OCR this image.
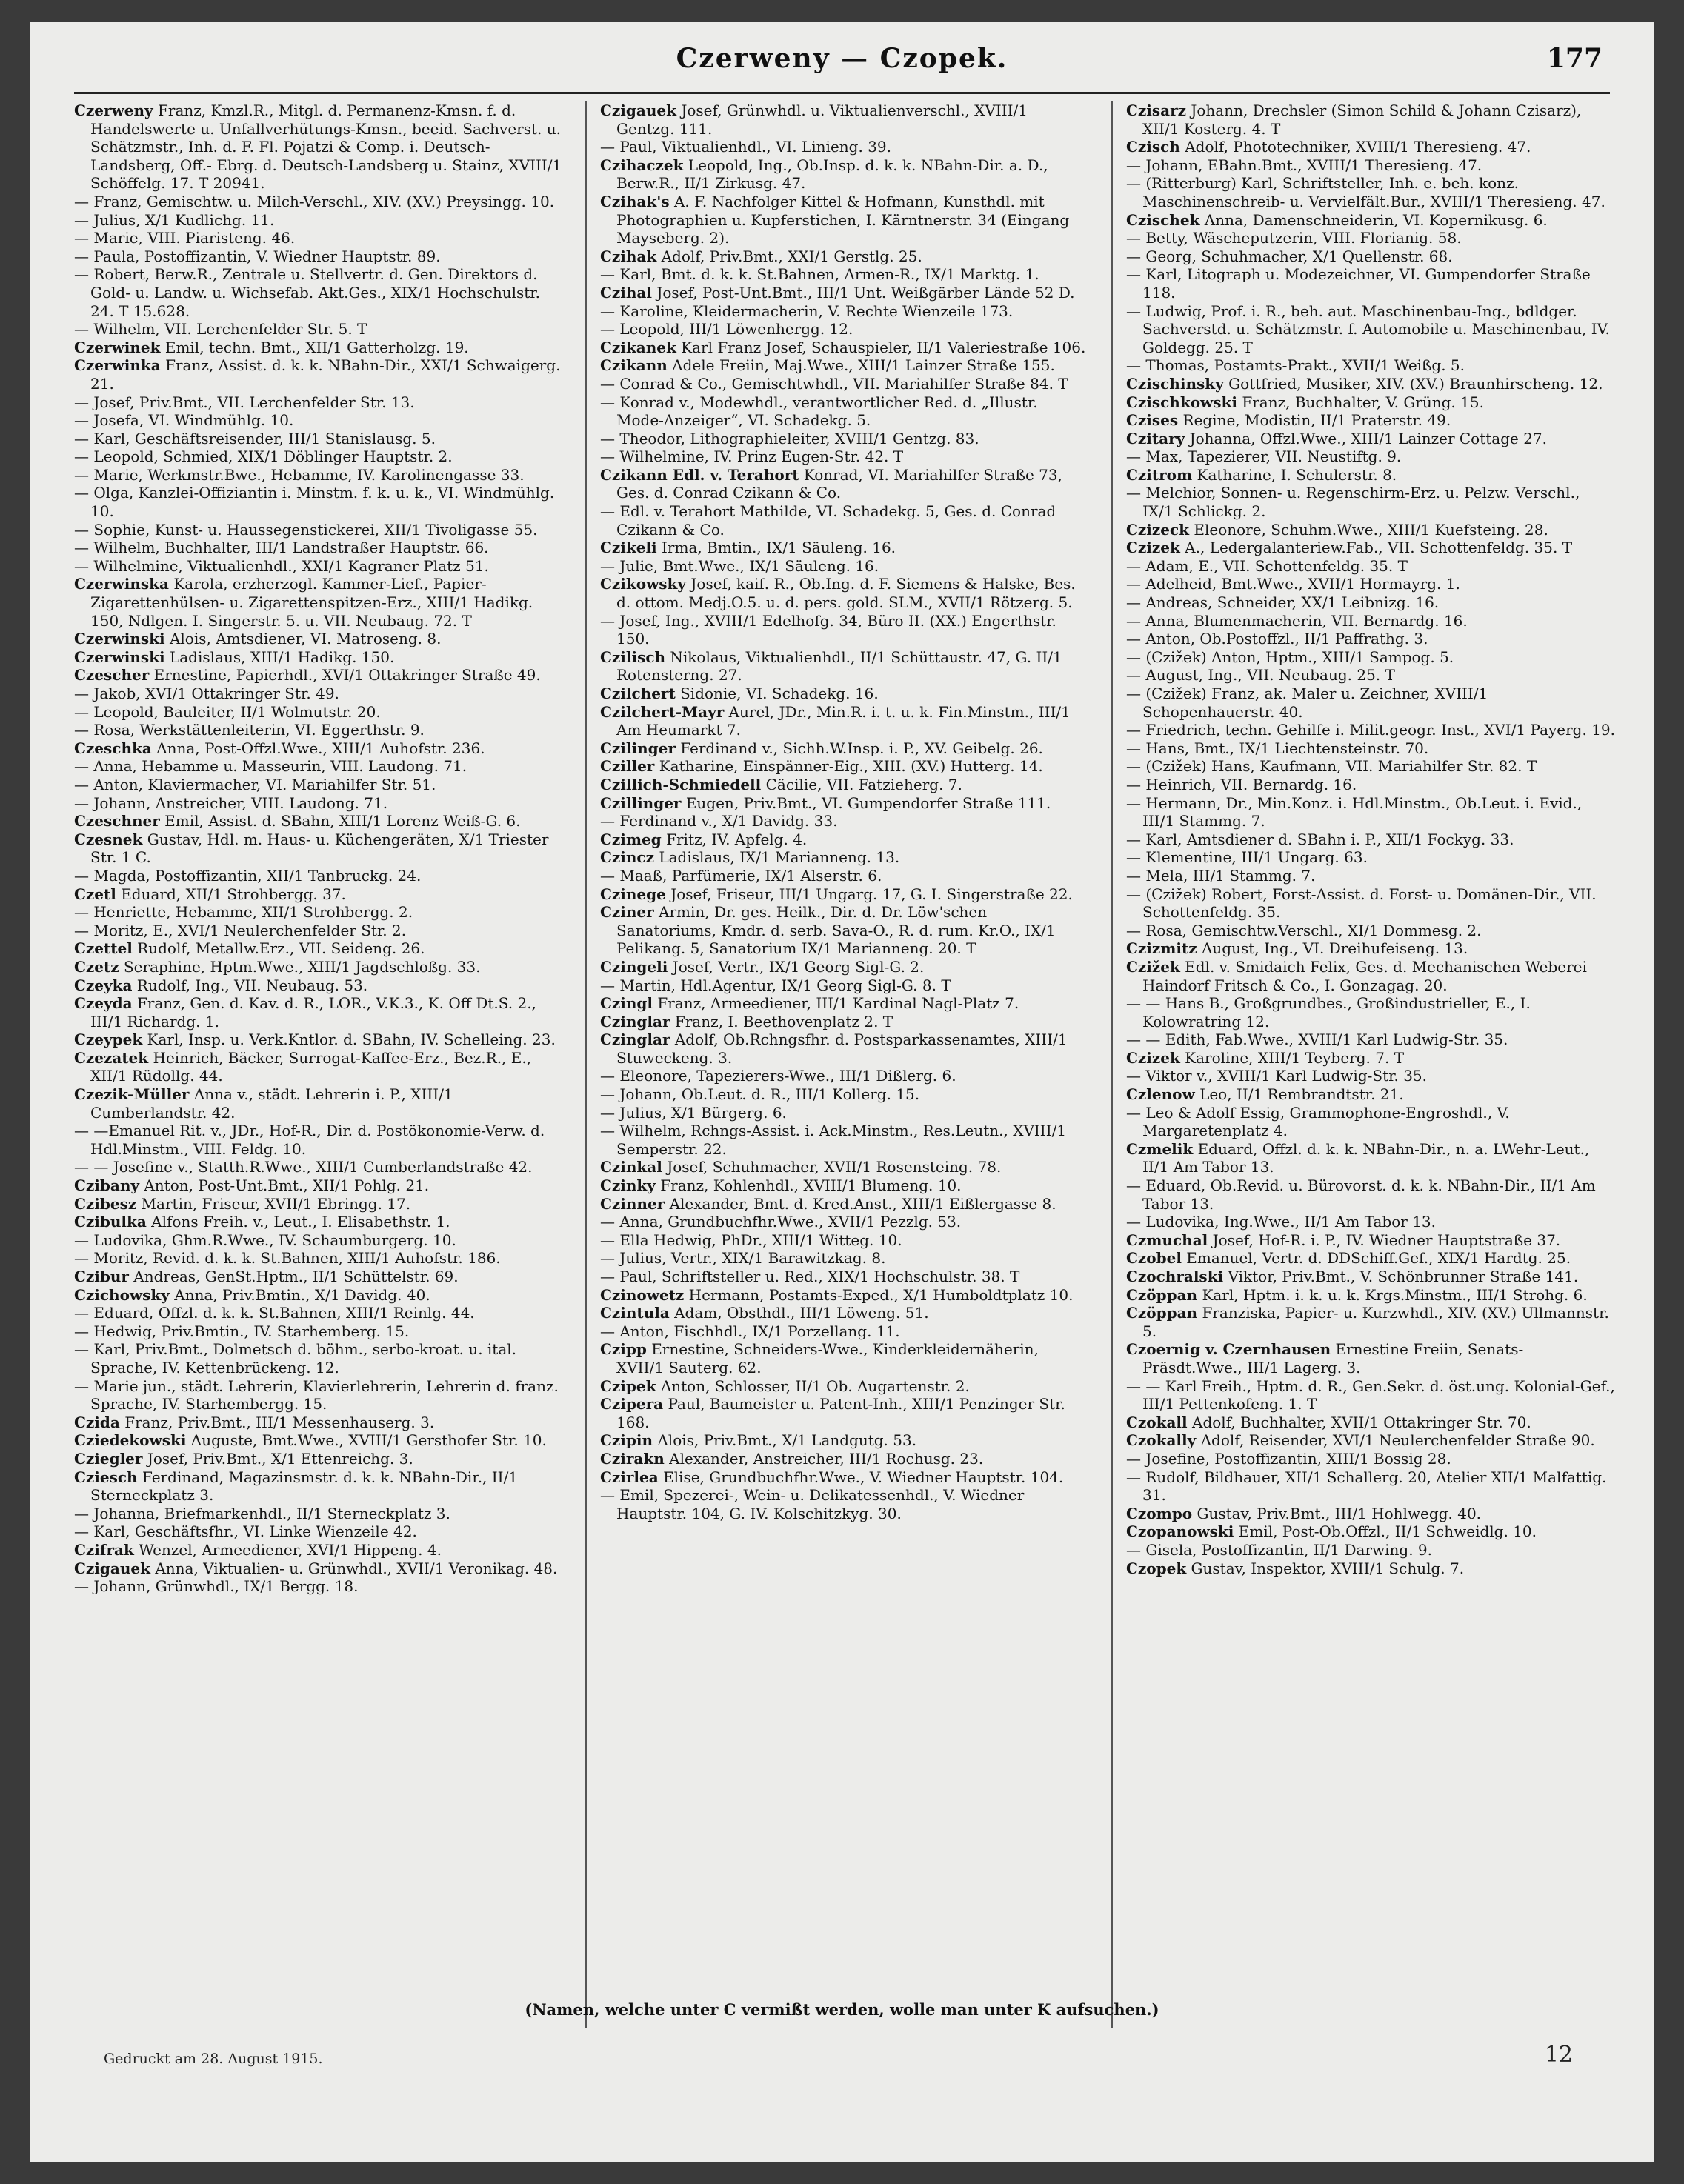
Czerweny — Czopek.	177

Czerweny Franz, Kmzl.R., Mitgl. d. Permanenz-Kmsn. f. d. Handelswerte u. Unfallverhütungs-Kmsn., beeid. Sachverst. u. Schätzmstr., Inh. d. F. Fl. Pojatzi & Comp. i. Deutsch-Landsberg, Off.- Ebrg. d. Deutsch-Landsberg u. Stainz, XVIII/1 Schöffelg. 17. T 20941.

— Franz, Gemischtw. u. Milch-Verschl., XIV. (XV.) Preysingg. 10.

— Julius, X/1 Kudlichg. 11.

— Marie, VIII. Piaristeng. 46.

— Paula, Postoffizantin, V. Wiedner Hauptstr. 89.

— Robert, Berw.R., Zentrale u. Stellvertr. d. Gen. Direktors d. Gold- u. Landw. u. Wichsefab. Akt.Ges., XIX/1 Hochschulstr. 24. T 15.628.

— Wilhelm, VII. Lerchenfelder Str. 5. T

Czerwinek Emil, techn. Bmt., XII/1 Gatterholzg. 19.

Czerwinka Franz, Assist. d. k. k. NBahn-Dir., XXI/1 Schwaigerg. 21.

— Josef, Priv.Bmt., VII. Lerchenfelder Str. 13.

— Josefa, VI. Windmühlg. 10.

— Karl, Geschäftsreisender, III/1 Stanislausg. 5.

— Leopold, Schmied, XIX/1 Döblinger Hauptstr. 2.

— Marie, Werkmstr.Bwe., Hebamme, IV. Karolinengasse 33.

— Olga, Kanzlei-Offiziantin i. Minstm. f. k. u. k., VI. Windmühlg. 10.

— Sophie, Kunst- u. Haussegenstickerei, XII/1 Tivoligasse 55.

— Wilhelm, Buchhalter, III/1 Landstraßer Hauptstr. 66.

— Wilhelmine, Viktualienhdl., XXI/1 Kagraner Platz 51.

Czerwinska Karola, erzherzogl. Kammer-Lief., Papier-Zigarettenhülsen- u. Zigarettenspitzen-Erz., XIII/1 Hadikg. 150, Ndlgen. I. Singerstr. 5. u. VII. Neubaug. 72. T

Czerwinski Alois, Amtsdiener, VI. Matroseng. 8.

Czerwinski Ladislaus, XIII/1 Hadikg. 150.

Czescher Ernestine, Papierhdl., XVI/1 Ottakringer Straße 49.

— Jakob, XVI/1 Ottakringer Str. 49.

— Leopold, Bauleiter, II/1 Wolmutstr. 20.

— Rosa, Werkstättenleiterin, VI. Eggerthstr. 9.

Czeschka Anna, Post-Offzl.Wwe., XIII/1 Auhofstr. 236.

— Anna, Hebamme u. Masseurin, VIII. Laudong. 71.

— Anton, Klaviermacher, VI. Mariahilfer Str. 51.

— Johann, Anstreicher, VIII. Laudong. 71.

Czeschner Emil, Assist. d. SBahn, XIII/1 Lorenz Weiß-G. 6.

Czesnek Gustav, Hdl. m. Haus- u. Küchengeräten, X/1 Triester Str. 1 C.

— Magda, Postoffizantin, XII/1 Tanbruckg. 24.

Czetl Eduard, XII/1 Strohbergg. 37.

— Henriette, Hebamme, XII/1 Strohbergg. 2.

— Moritz, E., XVI/1 Neulerchenfelder Str. 2.

Czettel Rudolf, Metallw.Erz., VII. Seideng. 26.

Czetz Seraphine, Hptm.Wwe., XIII/1 Jagdschloßg. 33.

Czeyka Rudolf, Ing., VII. Neubaug. 53.

Czeyda Franz, Gen. d. Kav. d. R., LOR., V.K.3., K. Off Dt.S. 2., III/1 Richardg. 1.

Czeypek Karl, Insp. u. Verk.Kntlor. d. SBahn, IV. Schelleing. 23.

Czezatek Heinrich, Bäcker, Surrogat-Kaffee-Erz., Bez.R., E., XII/1 Rüdollg. 44.

Czezik-Müller Anna v., städt. Lehrerin i. P., XIII/1 Cumberlandstr. 42.

— —Emanuel Rit. v., JDr., Hof-R., Dir. d. Postökonomie-Verw. d. Hdl.Minstm., VIII. Feldg. 10.

— — Josefine v., Statth.R.Wwe., XIII/1 Cumberlandstraße 42.

Czibany Anton, Post-Unt.Bmt., XII/1 Pohlg. 21.

Czibesz Martin, Friseur, XVII/1 Ebringg. 17.

Czibulka Alfons Freih. v., Leut., I. Elisabethstr. 1.

— Ludovika, Ghm.R.Wwe., IV. Schaumburgerg. 10.

— Moritz, Revid. d. k. k. St.Bahnen, XIII/1 Auhofstr. 186.

Czibur Andreas, GenSt.Hptm., II/1 Schüttelstr. 69.

Czichowsky Anna, Priv.Bmtin., X/1 Davidg. 40.

— Eduard, Offzl. d. k. k. St.Bahnen, XIII/1 Reinlg. 44.

— Hedwig, Priv.Bmtin., IV. Starhemberg. 15.

— Karl, Priv.Bmt., Dolmetsch d. böhm., serbo-kroat. u. ital. Sprache, IV. Kettenbrückeng. 12.

— Marie jun., städt. Lehrerin, Klavierlehrerin, Lehrerin d. franz. Sprache, IV. Starhembergg. 15.

Czida Franz, Priv.Bmt., III/1 Messenhauserg. 3.

Cziedekowski Auguste, Bmt.Wwe., XVIII/1 Gersthofer Str. 10.

Cziegler Josef, Priv.Bmt., X/1 Ettenreichg. 3.

Cziesch Ferdinand, Magazinsmstr. d. k. k. NBahn-Dir., II/1 Sterneckplatz 3.

— Johanna, Briefmarkenhdl., II/1 Sterneckplatz 3.

— Karl, Geschäftsfhr., VI. Linke Wienzeile 42.

Czifrak Wenzel, Armeediener, XVI/1 Hippeng. 4.

Czigauek Anna, Viktualien- u. Grünwhdl., XVII/1 Veronikag. 48.

— Johann, Grünwhdl., IX/1 Bergg. 18.

Czigauek Josef, Grünwhdl. u. Viktualienverschl., XVIII/1 Gentzg. 111.

— Paul, Viktualienhdl., VI. Linieng. 39.

Czihaczek Leopold, Ing., Ob.Insp. d. k. k. NBahn-Dir. a. D., Berw.R., II/1 Zirkusg. 47.

Czihak's A. F. Nachfolger Kittel & Hofmann, Kunsthdl. mit Photographien u. Kupferstichen, I. Kärntnerstr. 34 (Eingang Mayseberg. 2).

Czihak Adolf, Priv.Bmt., XXI/1 Gerstlg. 25.

— Karl, Bmt. d. k. k. St.Bahnen, Armen-R., IX/1 Marktg. 1.

Czihal Josef, Post-Unt.Bmt., III/1 Unt. Weißgärber Lände 52 D.

— Karoline, Kleidermacherin, V. Rechte Wienzeile 173.

— Leopold, III/1 Löwenhergg. 12.

Czikanek Karl Franz Josef, Schauspieler, II/1 Valeriestraße 106.

Czikann Adele Freiin, Maj.Wwe., XIII/1 Lainzer Straße 155.

— Conrad & Co., Gemischtwhdl., VII. Mariahilfer Straße 84. T

— Konrad v., Modewhdl., verantwortlicher Red. d. „Illustr. Mode-Anzeiger“, VI. Schadekg. 5.

— Theodor, Lithographieleiter, XVIII/1 Gentzg. 83.

— Wilhelmine, IV. Prinz Eugen-Str. 42. T

Czikann Edl. v. Terahort Konrad, VI. Mariahilfer Straße 73, Ges. d. Conrad Czikann & Co.

— Edl. v. Terahort Mathilde, VI. Schadekg. 5, Ges. d. Conrad Czikann & Co.

Czikeli Irma, Bmtin., IX/1 Säuleng. 16.

— Julie, Bmt.Wwe., IX/1 Säuleng. 16.

Czikowsky Josef, kaiſ. R., Ob.Ing. d. F. Siemens & Halske, Bes. d. ottom. Medj.O.5. u. d. pers. gold. SLM., XVII/1 Rötzerg. 5.

— Josef, Ing., XVIII/1 Edelhofg. 34, Büro II. (XX.) Engerthstr. 150.

Czilisch Nikolaus, Viktualienhdl., II/1 Schüttaustr. 47, G. II/1 Rotensterng. 27.

Czilchert Sidonie, VI. Schadekg. 16.

Czilchert-Mayr Aurel, JDr., Min.R. i. t. u. k. Fin.Minstm., III/1 Am Heumarkt 7.

Czilinger Ferdinand v., Sichh.W.Insp. i. P., XV. Geibelg. 26.

Cziller Katharine, Einspänner-Eig., XIII. (XV.) Hutterg. 14.

Czillich-Schmiedell Cäcilie, VII. Fatzieherg. 7.

Czillinger Eugen, Priv.Bmt., VI. Gumpendorfer Straße 111.

— Ferdinand v., X/1 Davidg. 33.

Czimeg Fritz, IV. Apfelg. 4.

Czincz Ladislaus, IX/1 Marianneng. 13.

— Maaß, Parfümerie, IX/1 Alserstr. 6.

Czinege Josef, Friseur, III/1 Ungarg. 17, G. I. Singerstraße 22.

Cziner Armin, Dr. ges. Heilk., Dir. d. Dr. Löw'schen Sanatoriums, Kmdr. d. serb. Sava-O., R. d. rum. Kr.O., IX/1 Pelikang. 5, Sanatorium IX/1 Marianneng. 20. T

Czingeli Josef, Vertr., IX/1 Georg Sigl-G. 2.

— Martin, Hdl.Agentur, IX/1 Georg Sigl-G. 8. T

Czingl Franz, Armeediener, III/1 Kardinal Nagl-Platz 7.

Czinglar Franz, I. Beethovenplatz 2. T

Czinglar Adolf, Ob.Rchngsfhr. d. Postsparkassenamtes, XIII/1 Stuweckeng. 3.

— Eleonore, Tapezierers-Wwe., III/1 Dißlerg. 6.

— Johann, Ob.Leut. d. R., III/1 Kollerg. 15.

— Julius, X/1 Bürgerg. 6.

— Wilhelm, Rchngs-Assist. i. Ack.Minstm., Res.Leutn., XVIII/1 Semperstr. 22.

Czinkal Josef, Schuhmacher, XVII/1 Rosensteing. 78.

Czinky Franz, Kohlenhdl., XVIII/1 Blumeng. 10.

Czinner Alexander, Bmt. d. Kred.Anst., XIII/1 Eißlergasse 8.

— Anna, Grundbuchfhr.Wwe., XVII/1 Pezzlg. 53.

— Ella Hedwig, PhDr., XIII/1 Witteg. 10.

— Julius, Vertr., XIX/1 Barawitzkag. 8.

— Paul, Schriftsteller u. Red., XIX/1 Hochschulstr. 38. T

Czinowetz Hermann, Postamts-Exped., X/1 Humboldtplatz 10.

Czintula Adam, Obsthdl., III/1 Löweng. 51.

— Anton, Fischhdl., IX/1 Porzellang. 11.

Czipp Ernestine, Schneiders-Wwe., Kinderkleidernäherin, XVII/1 Sauterg. 62.

Czipek Anton, Schlosser, II/1 Ob. Augartenstr. 2.

Czipera Paul, Baumeister u. Patent-Inh., XIII/1 Penzinger Str. 168.

Czipin Alois, Priv.Bmt., X/1 Landgutg. 53.

Czirakn Alexander, Anstreicher, III/1 Rochusg. 23.

Czirlea Elise, Grundbuchfhr.Wwe., V. Wiedner Hauptstr. 104.

— Emil, Spezerei-, Wein- u. Delikatessenhdl., V. Wiedner Hauptstr. 104, G. IV. Kolschitzkyg. 30.

Czisarz Johann, Drechsler (Simon Schild & Johann Czisarz), XII/1 Kosterg. 4. T

Czisch Adolf, Phototechniker, XVIII/1 Theresieng. 47.

— Johann, EBahn.Bmt., XVIII/1 Theresieng. 47.

— (Ritterburg) Karl, Schriftsteller, Inh. e. beh. konz. Maschinenschreib- u. Vervielfält.Bur., XVIII/1 Theresieng. 47.

Czischek Anna, Damenschneiderin, VI. Kopernikusg. 6.

— Betty, Wäscheputzerin, VIII. Florianig. 58.

— Georg, Schuhmacher, X/1 Quellenstr. 68.

— Karl, Litograph u. Modezeichner, VI. Gumpendorfer Straße 118.

— Ludwig, Prof. i. R., beh. aut. Maschinenbau-Ing., bdldger. Sachverstd. u. Schätzmstr. f. Automobile u. Maschinenbau, IV. Goldegg. 25. T

— Thomas, Postamts-Prakt., XVII/1 Weißg. 5.

Czischinsky Gottfried, Musiker, XIV. (XV.) Braunhirscheng. 12.

Czischkowski Franz, Buchhalter, V. Grüng. 15.

Czises Regine, Modistin, II/1 Praterstr. 49.

Czitary Johanna, Offzl.Wwe., XIII/1 Lainzer Cottage 27.

— Max, Tapezierer, VII. Neustiftg. 9.

Czitrom Katharine, I. Schulerstr. 8.

— Melchior, Sonnen- u. Regenschirm-Erz. u. Pelzw. Verschl., IX/1 Schlickg. 2.

Czizeck Eleonore, Schuhm.Wwe., XIII/1 Kuefsteing. 28.

Czizek A., Ledergalanteriew.Fab., VII. Schottenfeldg. 35. T

— Adam, E., VII. Schottenfeldg. 35. T

— Adelheid, Bmt.Wwe., XVII/1 Hormayrg. 1.

— Andreas, Schneider, XX/1 Leibnizg. 16.

— Anna, Blumenmacherin, VII. Bernardg. 16.

— Anton, Ob.Postoffzl., II/1 Paffrathg. 3.

— (Czižek) Anton, Hptm., XIII/1 Sampog. 5.

— August, Ing., VII. Neubaug. 25. T

— (Czižek) Franz, ak. Maler u. Zeichner, XVIII/1 Schopenhauerstr. 40.

— Friedrich, techn. Gehilfe i. Milit.geogr. Inst., XVI/1 Payerg. 19.

— Hans, Bmt., IX/1 Liechtensteinstr. 70.

— (Czižek) Hans, Kaufmann, VII. Mariahilfer Str. 82. T

— Heinrich, VII. Bernardg. 16.

— Hermann, Dr., Min.Konz. i. Hdl.Minstm., Ob.Leut. i. Evid., III/1 Stammg. 7.

— Karl, Amtsdiener d. SBahn i. P., XII/1 Fockyg. 33.

— Klementine, III/1 Ungarg. 63.

— Mela, III/1 Stammg. 7.

— (Czižek) Robert, Forst-Assist. d. Forst- u. Domänen-Dir., VII. Schottenfeldg. 35.

— Rosa, Gemischtw.Verschl., XI/1 Dommesg. 2.

Czizmitz August, Ing., VI. Dreihufeiseng. 13.

Czižek Edl. v. Smidaich Felix, Ges. d. Mechanischen Weberei Haindorf Fritsch & Co., I. Gonzagag. 20.

— — Hans B., Großgrundbes., Großindustrieller, E., I. Kolowratring 12.

— — Edith, Fab.Wwe., XVIII/1 Karl Ludwig-Str. 35.

Czizek Karoline, XIII/1 Teyberg. 7. T

— Viktor v., XVIII/1 Karl Ludwig-Str. 35.

Czlenow Leo, II/1 Rembrandtstr. 21.

— Leo & Adolf Essig, Grammophone-Engroshdl., V. Margaretenplatz 4.

Czmelik Eduard, Offzl. d. k. k. NBahn-Dir., n. a. LWehr-Leut., II/1 Am Tabor 13.

— Eduard, Ob.Revid. u. Bürovorst. d. k. k. NBahn-Dir., II/1 Am Tabor 13.

— Ludovika, Ing.Wwe., II/1 Am Tabor 13.

Czmuchal Josef, Hof-R. i. P., IV. Wiedner Hauptstraße 37.

Czobel Emanuel, Vertr. d. DDSchiff.Gef., XIX/1 Hardtg. 25.

Czochralski Viktor, Priv.Bmt., V. Schönbrunner Straße 141.

Czöppan Karl, Hptm. i. k. u. k. Krgs.Minstm., III/1 Strohg. 6.

Czöppan Franziska, Papier- u. Kurzwhdl., XIV. (XV.) Ullmannstr. 5.

Czoernig v. Czernhausen Ernestine Freiin, Senats-Präsdt.Wwe., III/1 Lagerg. 3.

— — Karl Freih., Hptm. d. R., Gen.Sekr. d. öst.ung. Kolonial-Gef., III/1 Pettenkofeng. 1. T

Czokall Adolf, Buchhalter, XVII/1 Ottakringer Str. 70.

Czokally Adolf, Reisender, XVI/1 Neulerchenfelder Straße 90.

— Josefine, Postoffizantin, XIII/1 Bossig 28.

— Rudolf, Bildhauer, XII/1 Schallerg. 20, Atelier XII/1 Malfattig. 31.

Czompo Gustav, Priv.Bmt., III/1 Hohlwegg. 40.

Czopanowski Emil, Post-Ob.Offzl., II/1 Schweidlg. 10.

— Gisela, Postoffizantin, II/1 Darwing. 9.

Czopek Gustav, Inspektor, XVIII/1 Schulg. 7.

(Namen, welche unter C vermißt werden, wolle man unter K aufsuchen.)
Gedruckt am 28. August 1915.	12
